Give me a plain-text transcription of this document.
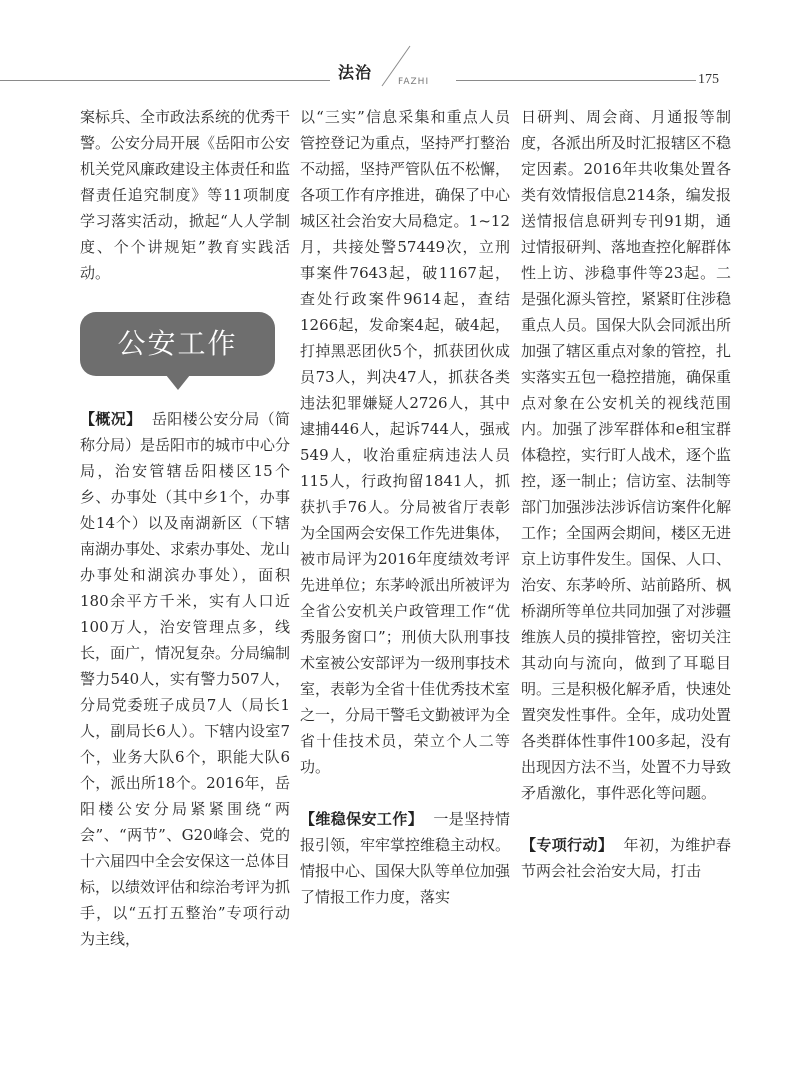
法治	FAZHI	175

案标兵、全市政法系统的优秀干警。公安分局开展《岳阳市公安机关党风廉政建设主体责任和监督责任追究制度》等11项制度学习落实活动，掀起“人人学制度、个个讲规矩”教育实践活动。

公安工作

【概况】 岳阳楼公安分局（简称分局）是岳阳市的城市中心分局，治安管辖岳阳楼区15个乡、办事处（其中乡1个，办事处14个）以及南湖新区（下辖南湖办事处、求索办事处、龙山办事处和湖滨办事处），面积180余平方千米，实有人口近100万人，治安管理点多，线长，面广，情况复杂。分局编制警力540人，实有警力507人，分局党委班子成员7人（局长1人，副局长6人）。下辖内设室7个，业务大队6个，职能大队6个，派出所18个。2016年，岳阳楼公安分局紧紧围绕“两会”、“两节”、G20峰会、党的十六届四中全会安保这一总体目标，以绩效评估和综治考评为抓手，以“五打五整治”专项行动为主线，

以“三实”信息采集和重点人员管控登记为重点，坚持严打整治不动摇，坚持严管队伍不松懈，各项工作有序推进，确保了中心城区社会治安大局稳定。1~12月，共接处警57449次，立刑事案件7643起，破1167起，查处行政案件9614起，查结1266起，发命案4起，破4起，打掉黑恶团伙5个，抓获团伙成员73人，判决47人，抓获各类违法犯罪嫌疑人2726人，其中逮捕446人，起诉744人，强戒549人，收治重症病违法人员115人，行政拘留1841人，抓获扒手76人。分局被省厅表彰为全国两会安保工作先进集体，被市局评为2016年度绩效考评先进单位；东茅岭派出所被评为全省公安机关户政管理工作“优秀服务窗口”；刑侦大队刑事技术室被公安部评为一级刑事技术室，表彰为全省十佳优秀技术室之一，分局干警毛文勤被评为全省十佳技术员，荣立个人二等功。

【维稳保安工作】 一是坚持情报引领，牢牢掌控维稳主动权。情报中心、国保大队等单位加强了情报工作力度，落实

日研判、周会商、月通报等制度，各派出所及时汇报辖区不稳定因素。2016年共收集处置各类有效情报信息214条，编发报送情报信息研判专刊91期，通过情报研判、落地查控化解群体性上访、涉稳事件等23起。二是强化源头管控，紧紧盯住涉稳重点人员。国保大队会同派出所加强了辖区重点对象的管控，扎实落实五包一稳控措施，确保重点对象在公安机关的视线范围内。加强了涉军群体和e租宝群体稳控，实行盯人战术，逐个监控，逐一制止；信访室、法制等部门加强涉法涉诉信访案件化解工作；全国两会期间，楼区无进京上访事件发生。国保、人口、治安、东茅岭所、站前路所、枫桥湖所等单位共同加强了对涉疆维族人员的摸排管控，密切关注其动向与流向，做到了耳聪目明。三是积极化解矛盾，快速处置突发性事件。全年，成功处置各类群体性事件100多起，没有出现因方法不当，处置不力导致矛盾激化，事件恶化等问题。

【专项行动】 年初，为维护春节两会社会治安大局，打击
